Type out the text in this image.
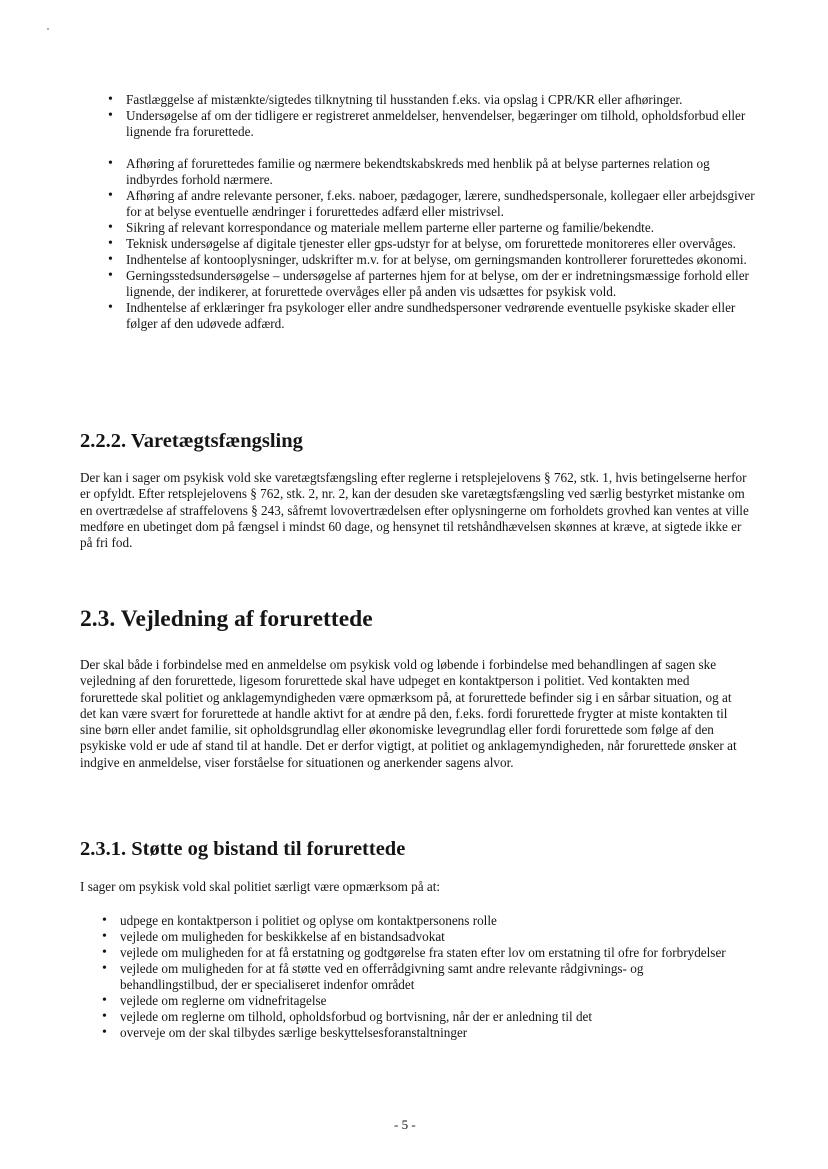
• Fastlæggelse af mistænkte/sigtedes tilknytning til husstanden f.eks. via opslag i CPR/KR eller afhøringer.
• Undersøgelse af om der tidligere er registreret anmeldelser, henvendelser, begæringer om tilhold, opholdsforbud eller lignende fra forurettede.
• Afhøring af forurettedes familie og nærmere bekendtskabskreds med henblik på at belyse parternes relation og indbyrdes forhold nærmere.
• Afhøring af andre relevante personer, f.eks. naboer, pædagoger, lærere, sundhedspersonale, kollegaer eller arbejdsgiver for at belyse eventuelle ændringer i forurettedes adfærd eller mistrivsel.
• Sikring af relevant korrespondance og materiale mellem parterne eller parterne og familie/bekendte.
• Teknisk undersøgelse af digitale tjenester eller gps-udstyr for at belyse, om forurettede monitoreres eller overvåges.
• Indhentelse af kontooplysninger, udskrifter m.v. for at belyse, om gerningsmanden kontrollerer forurettedes økonomi.
• Gerningsstedsundersøgelse – undersøgelse af parternes hjem for at belyse, om der er indretningsmæssige forhold eller lignende, der indikerer, at forurettede overvåges eller på anden vis udsættes for psykisk vold.
• Indhentelse af erklæringer fra psykologer eller andre sundhedspersoner vedrørende eventuelle psykiske skader eller følger af den udøvede adfærd.
2.2.2. Varetægtsfængsling

Der kan i sager om psykisk vold ske varetægtsfængsling efter reglerne i retsplejelovens § 762, stk. 1, hvis betingelserne herfor er opfyldt. Efter retsplejelovens § 762, stk. 2, nr. 2, kan der desuden ske varetægtsfængsling ved særlig bestyrket mistanke om en overtrædelse af straffelovens § 243, såfremt lovovertrædelsen efter oplysningerne om forholdets grovhed kan ventes at ville medføre en ubetinget dom på fængsel i mindst 60 dage, og hensynet til retshåndhævelsen skønnes at kræve, at sigtede ikke er på fri fod.

2.3. Vejledning af forurettede

Der skal både i forbindelse med en anmeldelse om psykisk vold og løbende i forbindelse med behandlingen af sagen ske vejledning af den forurettede, ligesom forurettede skal have udpeget en kontaktperson i politiet. Ved kontakten med forurettede skal politiet og anklagemyndigheden være opmærksom på, at forurettede befinder sig i en sårbar situation, og at det kan være svært for forurettede at handle aktivt for at ændre på den, f.eks. fordi forurettede frygter at miste kontakten til sine børn eller andet familie, sit opholdsgrundlag eller økonomiske levegrundlag eller fordi forurettede som følge af den psykiske vold er ude af stand til at handle. Det er derfor vigtigt, at politiet og anklagemyndigheden, når forurettede ønsker at indgive en anmeldelse, viser forståelse for situationen og anerkender sagens alvor.

2.3.1. Støtte og bistand til forurettede

I sager om psykisk vold skal politiet særligt være opmærksom på at:

• udpege en kontaktperson i politiet og oplyse om kontaktpersonens rolle
• vejlede om muligheden for beskikkelse af en bistandsadvokat
• vejlede om muligheden for at få erstatning og godtgørelse fra staten efter lov om erstatning til ofre for forbrydelser
• vejlede om muligheden for at få støtte ved en offerrådgivning samt andre relevante rådgivnings- og behandlingstilbud, der er specialiseret indenfor området
• vejlede om reglerne om vidnefritagelse
• vejlede om reglerne om tilhold, opholdsforbud og bortvisning, når der er anledning til det
• overveje om der skal tilbydes særlige beskyttelsesforanstaltninger
- 5 -
